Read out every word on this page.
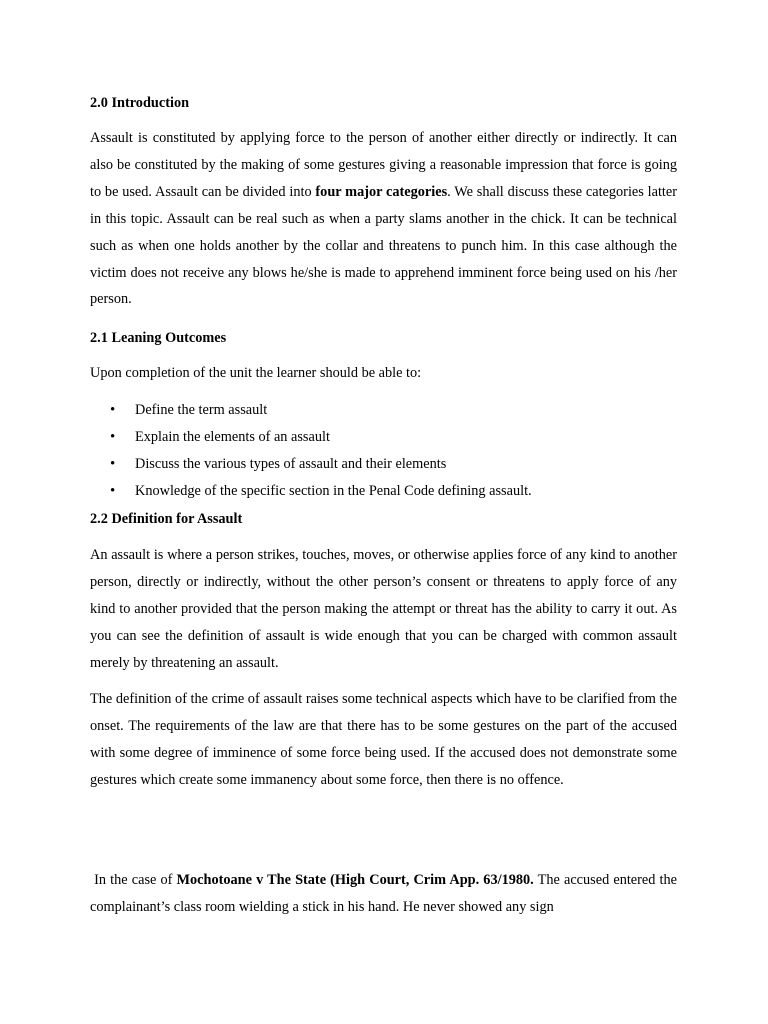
2.0 Introduction

Assault is constituted by applying force to the person of another either directly or indirectly. It can also be constituted by the making of some gestures giving a reasonable impression that force is going to be used. Assault can be divided into four major categories. We shall discuss these categories latter in this topic. Assault can be real such as when a party slams another in the chick. It can be technical such as when one holds another by the collar and threatens to punch him. In this case although the victim does not receive any blows he/she is made to apprehend imminent force being used on his /her person.

2.1 Leaning Outcomes

Upon completion of the unit the learner should be able to:

• Define the term assault
• Explain the elements of an assault
• Discuss the various types of assault and their elements
• Knowledge of the specific section in the Penal Code defining assault.
2.2 Definition for Assault

An assault is where a person strikes, touches, moves, or otherwise applies force of any kind to another person, directly or indirectly, without the other person’s consent or threatens to apply force of any kind to another provided that the person making the attempt or threat has the ability to carry it out. As you can see the definition of assault is wide enough that you can be charged with common assault merely by threatening an assault.

The definition of the crime of assault raises some technical aspects which have to be clarified from the onset. The requirements of the law are that there has to be some gestures on the part of the accused with some degree of imminence of some force being used. If the accused does not demonstrate some gestures which create some immanency about some force, then there is no offence.

In the case of Mochotoane v The State (High Court, Crim App. 63/1980. The accused entered the complainant’s class room wielding a stick in his hand. He never showed any sign
